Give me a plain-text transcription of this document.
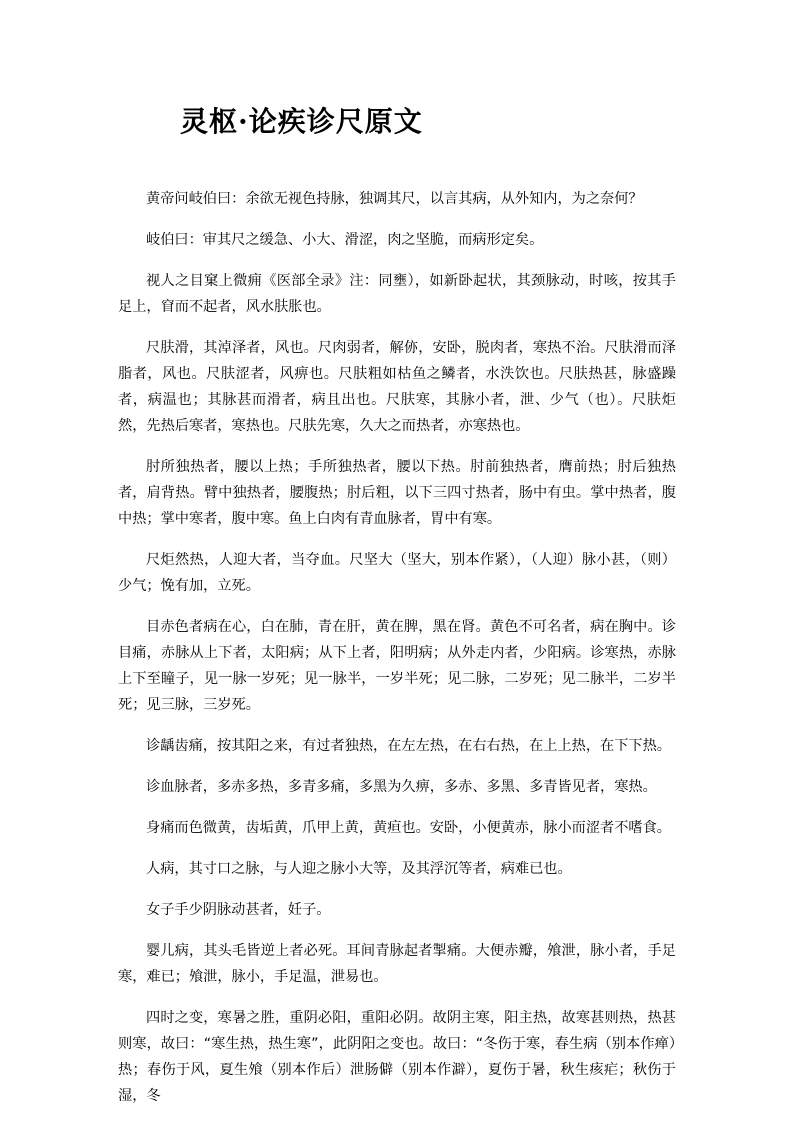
灵枢·论疾诊尺原文

黄帝问岐伯曰：余欲无视色持脉，独调其尺，以言其病，从外知内，为之奈何？

岐伯曰：审其尺之缓急、小大、滑涩，肉之坚脆，而病形定矣。

视人之目窠上微痈《医部全录》注：同壅），如新卧起状，其颈脉动，时咳，按其手足上，窅而不起者，风水肤胀也。

尺肤滑，其淖泽者，风也。尺肉弱者，解㑊，安卧，脱肉者，寒热不治。尺肤滑而泽脂者，风也。尺肤涩者，风痹也。尺肤粗如枯鱼之鳞者，水泆饮也。尺肤热甚，脉盛躁者，病温也；其脉甚而滑者，病且出也。尺肤寒，其脉小者，泄、少气（也）。尺肤炬然，先热后寒者，寒热也。尺肤先寒，久大之而热者，亦寒热也。

肘所独热者，腰以上热；手所独热者，腰以下热。肘前独热者，膺前热；肘后独热者，肩背热。臂中独热者，腰腹热；肘后粗，以下三四寸热者，肠中有虫。掌中热者，腹中热；掌中寒者，腹中寒。鱼上白肉有青血脉者，胃中有寒。

尺炬然热，人迎大者，当夺血。尺坚大（坚大，别本作紧），（人迎）脉小甚，（则）少气；悗有加，立死。

目赤色者病在心，白在肺，青在肝，黄在脾，黑在肾。黄色不可名者，病在胸中。诊目痛，赤脉从上下者，太阳病；从下上者，阳明病；从外走内者，少阳病。诊寒热，赤脉上下至瞳子，见一脉一岁死；见一脉半，一岁半死；见二脉，二岁死；见二脉半，二岁半死；见三脉，三岁死。

诊龋齿痛，按其阳之来，有过者独热，在左左热，在右右热，在上上热，在下下热。

诊血脉者，多赤多热，多青多痛，多黑为久痹，多赤、多黑、多青皆见者，寒热。

身痛而色微黄，齿垢黄，爪甲上黄，黄疸也。安卧，小便黄赤，脉小而涩者不嗜食。

人病，其寸口之脉，与人迎之脉小大等，及其浮沉等者，病难已也。

女子手少阴脉动甚者，妊子。

婴儿病，其头毛皆逆上者必死。耳间青脉起者掣痛。大便赤瓣，飧泄，脉小者，手足寒，难已；飧泄，脉小，手足温，泄易也。

四时之变，寒暑之胜，重阴必阳，重阳必阴。故阴主寒，阳主热，故寒甚则热，热甚则寒，故曰：“寒生热，热生寒”，此阴阳之变也。故曰：“冬伤于寒，春生病（别本作瘅）热；春伤于风，夏生飧（别本作后）泄肠僻（别本作澼），夏伤于暑，秋生痎疟；秋伤于湿，冬
